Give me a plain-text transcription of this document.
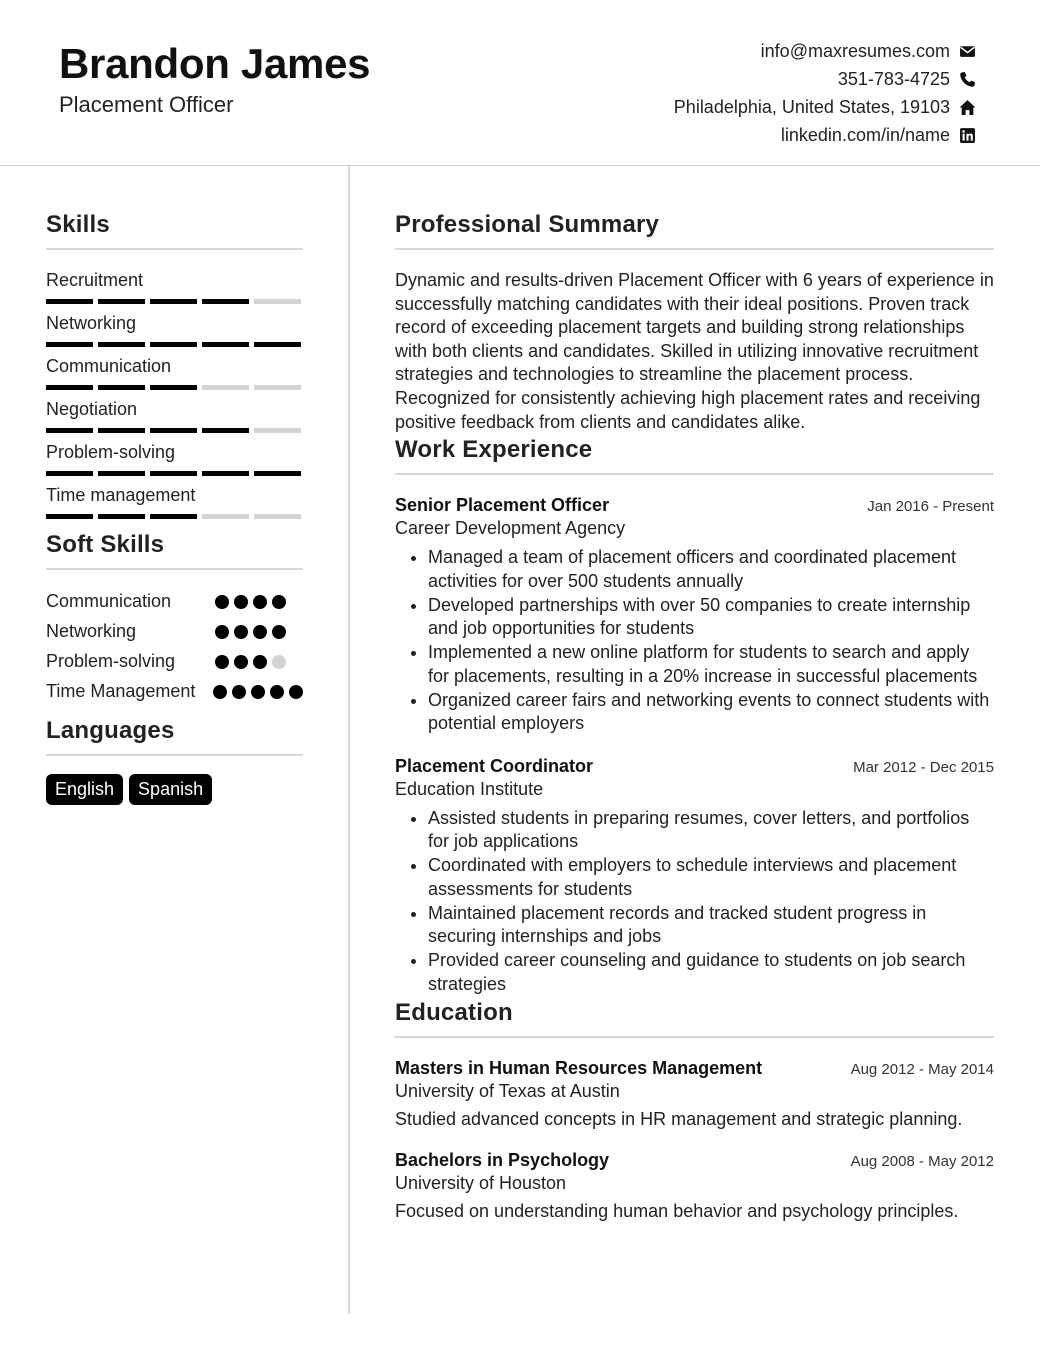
Brandon James
Placement Officer
info@maxresumes.com
351-783-4725
Philadelphia, United States, 19103
linkedin.com/in/name
Skills
Recruitment
Networking
Communication
Negotiation
Problem-solving
Time management
Soft Skills
Communication
Networking
Problem-solving
Time Management
Languages
English	Spanish
Professional Summary
Dynamic and results-driven Placement Officer with 6 years of experience in successfully matching candidates with their ideal positions. Proven track record of exceeding placement targets and building strong relationships with both clients and candidates. Skilled in utilizing innovative recruitment strategies and technologies to streamline the placement process. Recognized for consistently achieving high placement rates and receiving positive feedback from clients and candidates alike.
Work Experience
Senior Placement Officer	Jan 2016 - Present
Career Development Agency
• Managed a team of placement officers and coordinated placement activities for over 500 students annually
• Developed partnerships with over 50 companies to create internship and job opportunities for students
• Implemented a new online platform for students to search and apply for placements, resulting in a 20% increase in successful placements
• Organized career fairs and networking events to connect students with potential employers
Placement Coordinator	Mar 2012 - Dec 2015
Education Institute
• Assisted students in preparing resumes, cover letters, and portfolios for job applications
• Coordinated with employers to schedule interviews and placement assessments for students
• Maintained placement records and tracked student progress in securing internships and jobs
• Provided career counseling and guidance to students on job search strategies
Education
Masters in Human Resources Management	Aug 2012 - May 2014
University of Texas at Austin
Studied advanced concepts in HR management and strategic planning.
Bachelors in Psychology	Aug 2008 - May 2012
University of Houston
Focused on understanding human behavior and psychology principles.
